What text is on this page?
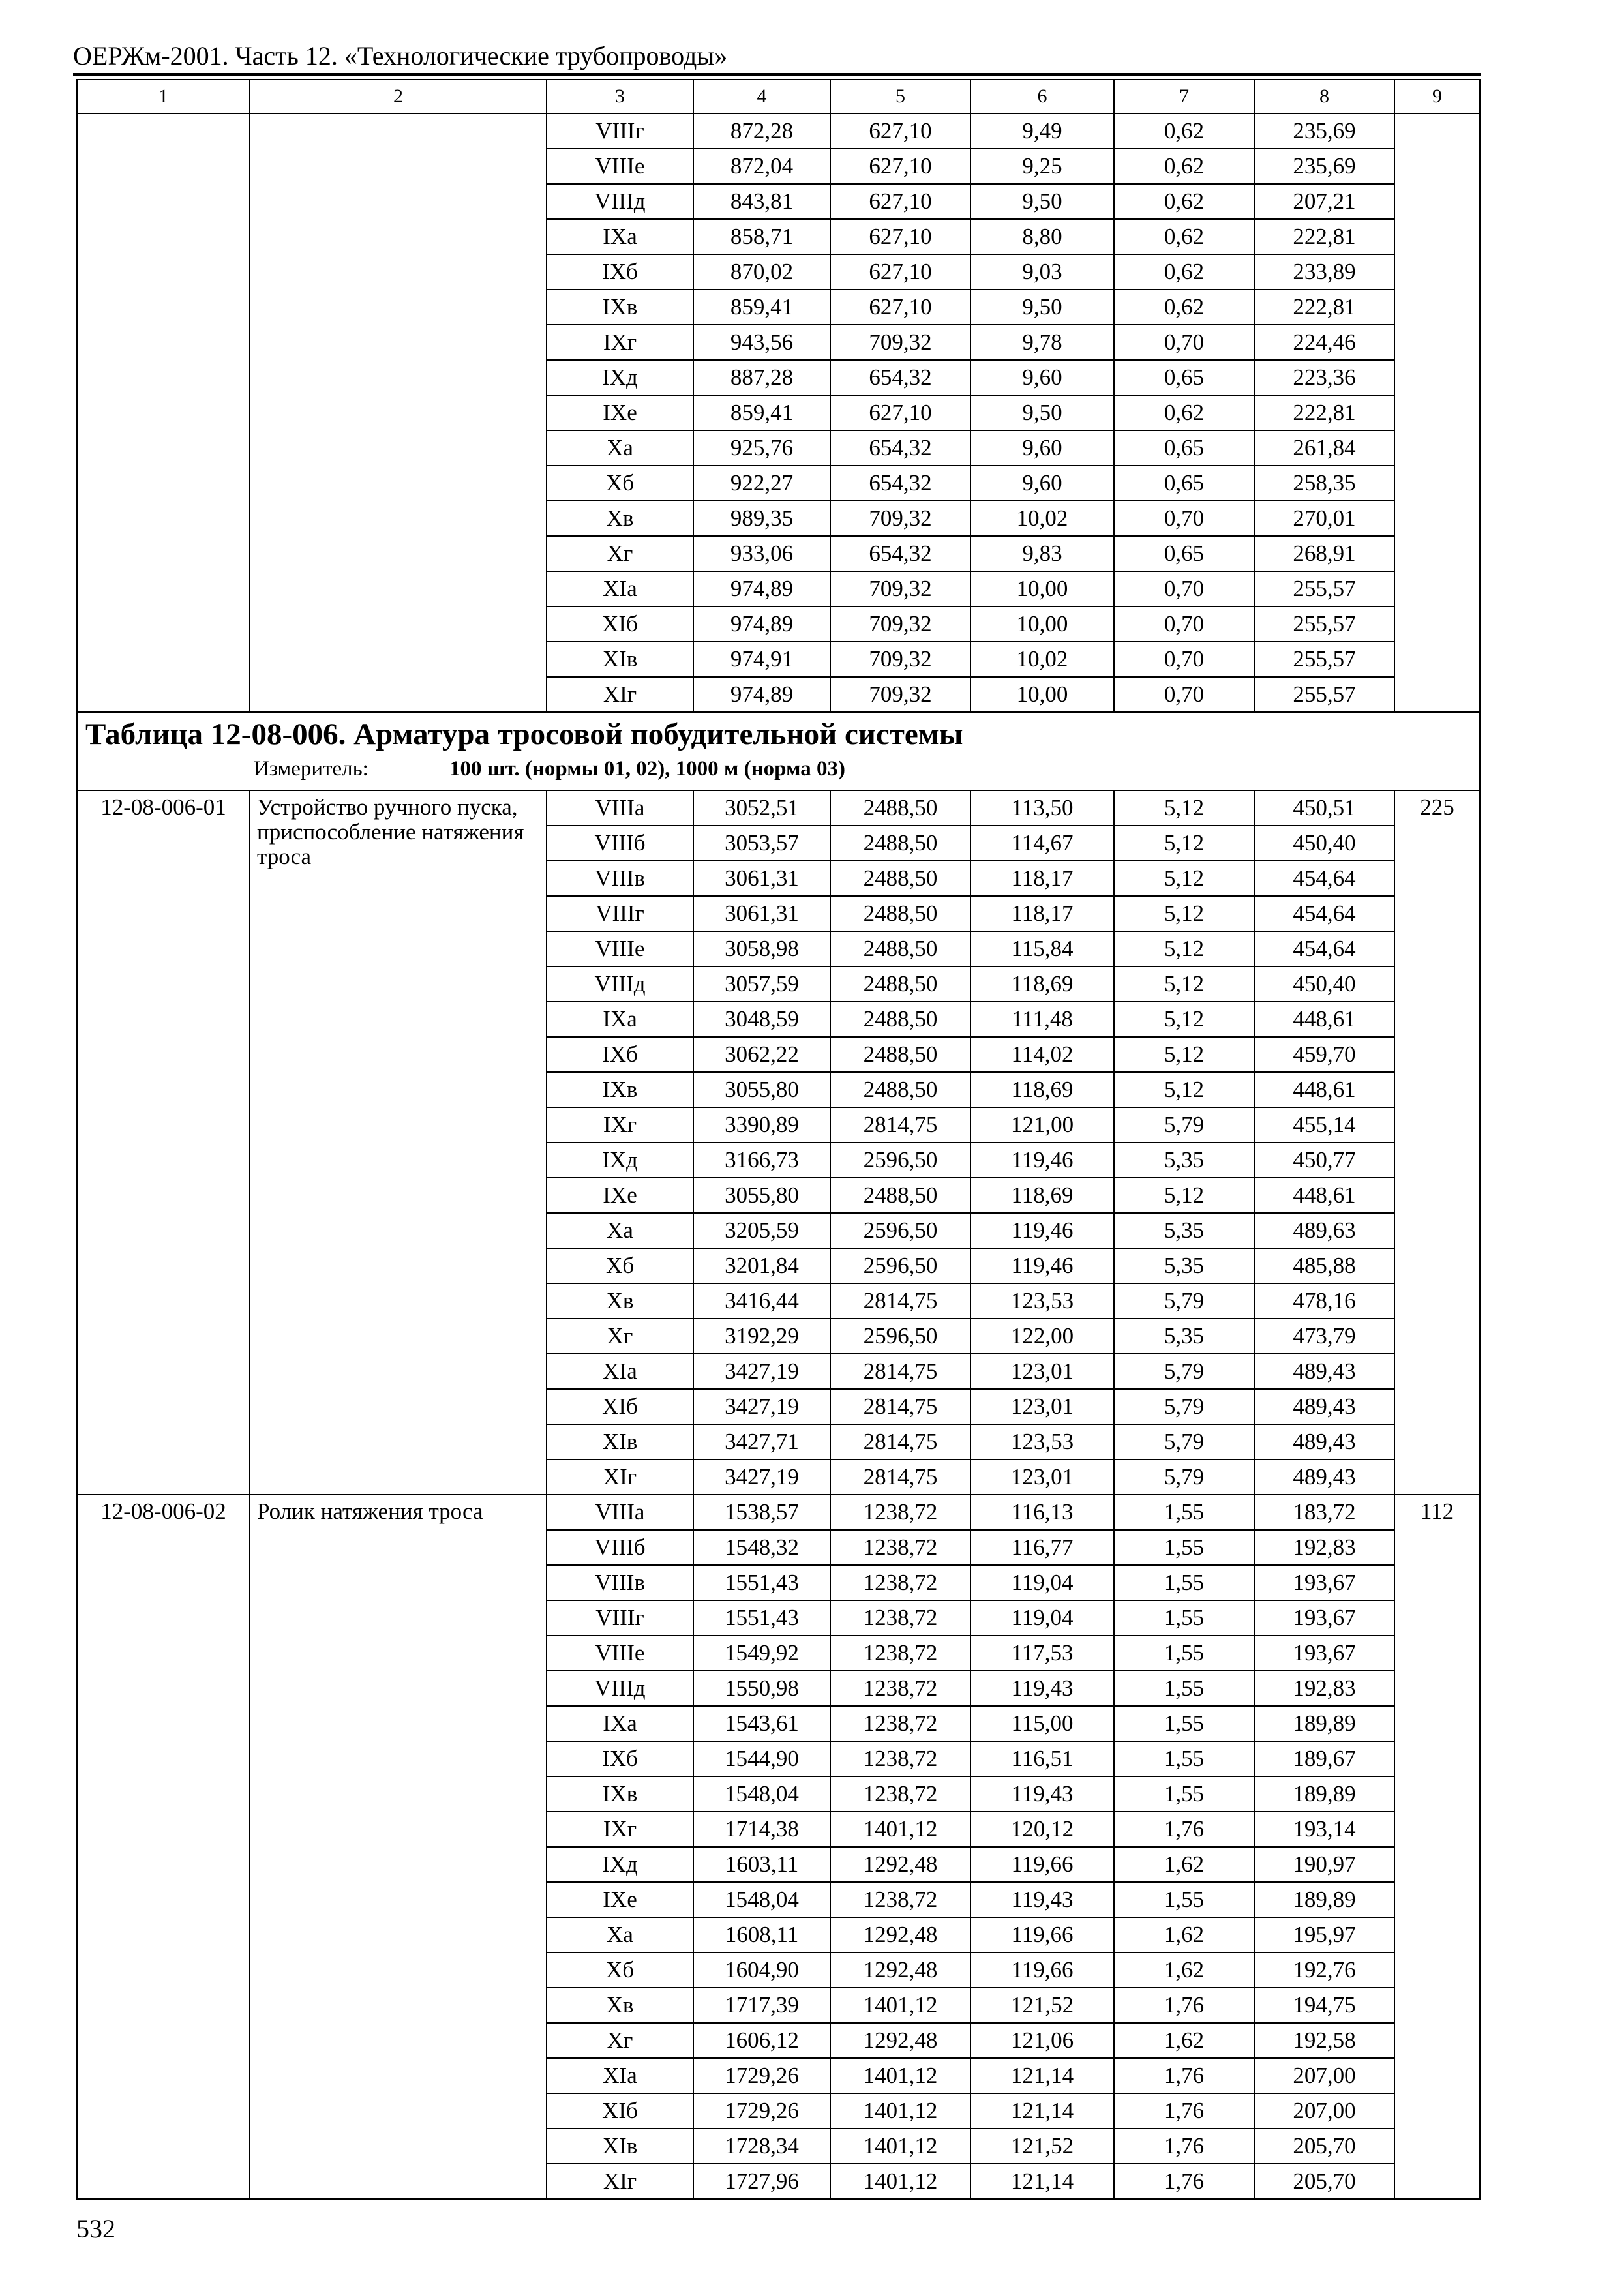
ОЕРЖм-2001. Часть 12. «Технологические трубопроводы»
1	2	3	4	5	6	7	8	9
		VIIIг	872,28	627,10	9,49	0,62	235,69	
		VIIIe	872,04	627,10	9,25	0,62	235,69	
		VIIIд	843,81	627,10	9,50	0,62	207,21	
		IXa	858,71	627,10	8,80	0,62	222,81	
		IXб	870,02	627,10	9,03	0,62	233,89	
		IXв	859,41	627,10	9,50	0,62	222,81	
		IXг	943,56	709,32	9,78	0,70	224,46	
		IXд	887,28	654,32	9,60	0,65	223,36	
		IXe	859,41	627,10	9,50	0,62	222,81	
		Xa	925,76	654,32	9,60	0,65	261,84	
		Xб	922,27	654,32	9,60	0,65	258,35	
		Xв	989,35	709,32	10,02	0,70	270,01	
		Xг	933,06	654,32	9,83	0,65	268,91	
		XIa	974,89	709,32	10,00	0,70	255,57	
		XIб	974,89	709,32	10,00	0,70	255,57	
		XIв	974,91	709,32	10,02	0,70	255,57	
		XIг	974,89	709,32	10,00	0,70	255,57	

Таблица 12-08-006. Арматура тросовой побудительной системы
Измеритель: 100 шт. (нормы 01, 02), 1000 м (норма 03)								

12-08-006-01	Устройство ручного пуска, приспособление натяжения троса	VIIIa	3052,51	2488,50	113,50	5,12	450,51	225
		VIIIб	3053,57	2488,50	114,67	5,12	450,40	
		VIIIв	3061,31	2488,50	118,17	5,12	454,64	
		VIIIг	3061,31	2488,50	118,17	5,12	454,64	
		VIIIe	3058,98	2488,50	115,84	5,12	454,64	
		VIIIд	3057,59	2488,50	118,69	5,12	450,40	
		IXa	3048,59	2488,50	111,48	5,12	448,61	
		IXб	3062,22	2488,50	114,02	5,12	459,70	
		IXв	3055,80	2488,50	118,69	5,12	448,61	
		IXг	3390,89	2814,75	121,00	5,79	455,14	
		IXд	3166,73	2596,50	119,46	5,35	450,77	
		IXe	3055,80	2488,50	118,69	5,12	448,61	
		Xa	3205,59	2596,50	119,46	5,35	489,63	
		Xб	3201,84	2596,50	119,46	5,35	485,88	
		Xв	3416,44	2814,75	123,53	5,79	478,16	
		Xг	3192,29	2596,50	122,00	5,35	473,79	
		XIa	3427,19	2814,75	123,01	5,79	489,43	
		XIб	3427,19	2814,75	123,01	5,79	489,43	
		XIв	3427,71	2814,75	123,53	5,79	489,43	
		XIг	3427,19	2814,75	123,01	5,79	489,43	
12-08-006-02	Ролик натяжения троса	VIIIa	1538,57	1238,72	116,13	1,55	183,72	112
		VIIIб	1548,32	1238,72	116,77	1,55	192,83	
		VIIIв	1551,43	1238,72	119,04	1,55	193,67	
		VIIIг	1551,43	1238,72	119,04	1,55	193,67	
		VIIIe	1549,92	1238,72	117,53	1,55	193,67	
		VIIIд	1550,98	1238,72	119,43	1,55	192,83	
		IXa	1543,61	1238,72	115,00	1,55	189,89	
		IXб	1544,90	1238,72	116,51	1,55	189,67	
		IXв	1548,04	1238,72	119,43	1,55	189,89	
		IXг	1714,38	1401,12	120,12	1,76	193,14	
		IXд	1603,11	1292,48	119,66	1,62	190,97	
		IXe	1548,04	1238,72	119,43	1,55	189,89	
		Xa	1608,11	1292,48	119,66	1,62	195,97	
		Xб	1604,90	1292,48	119,66	1,62	192,76	
		Xв	1717,39	1401,12	121,52	1,76	194,75	
		Xг	1606,12	1292,48	121,06	1,62	192,58	
		XIa	1729,26	1401,12	121,14	1,76	207,00	
		XIб	1729,26	1401,12	121,14	1,76	207,00	
		XIв	1728,34	1401,12	121,52	1,76	205,70	
		XIг	1727,96	1401,12	121,14	1,76	205,70	
532
